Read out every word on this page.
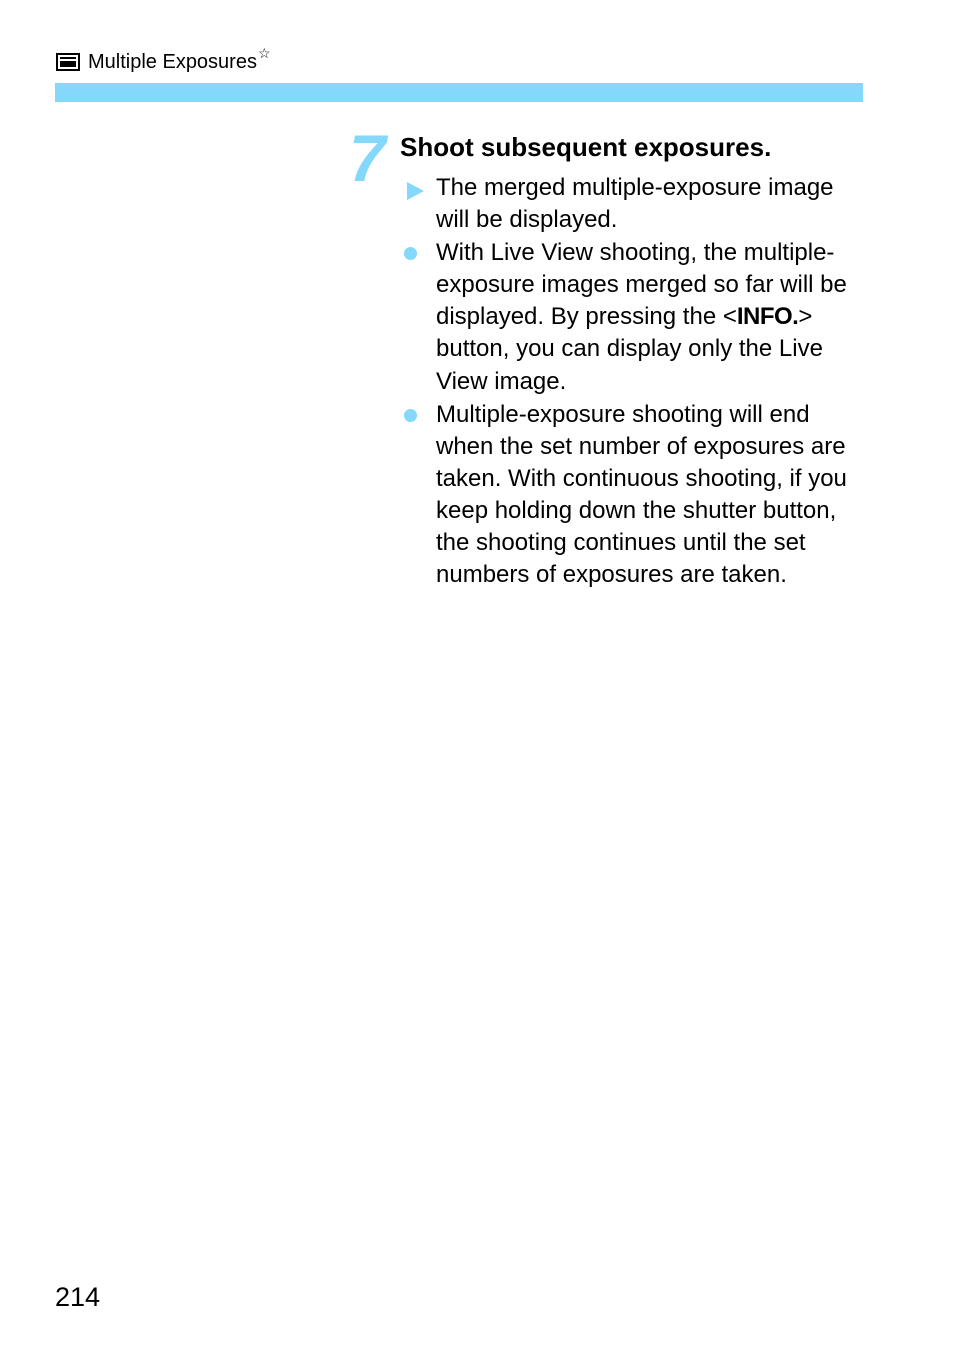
Multiple Exposures ☆
7 Shoot subsequent exposures.
The merged multiple-exposure image will be displayed.
With Live View shooting, the multiple-exposure images merged so far will be displayed. By pressing the <INFO.> button, you can display only the Live View image.
Multiple-exposure shooting will end when the set number of exposures are taken. With continuous shooting, if you keep holding down the shutter button, the shooting continues until the set numbers of exposures are taken.
214
